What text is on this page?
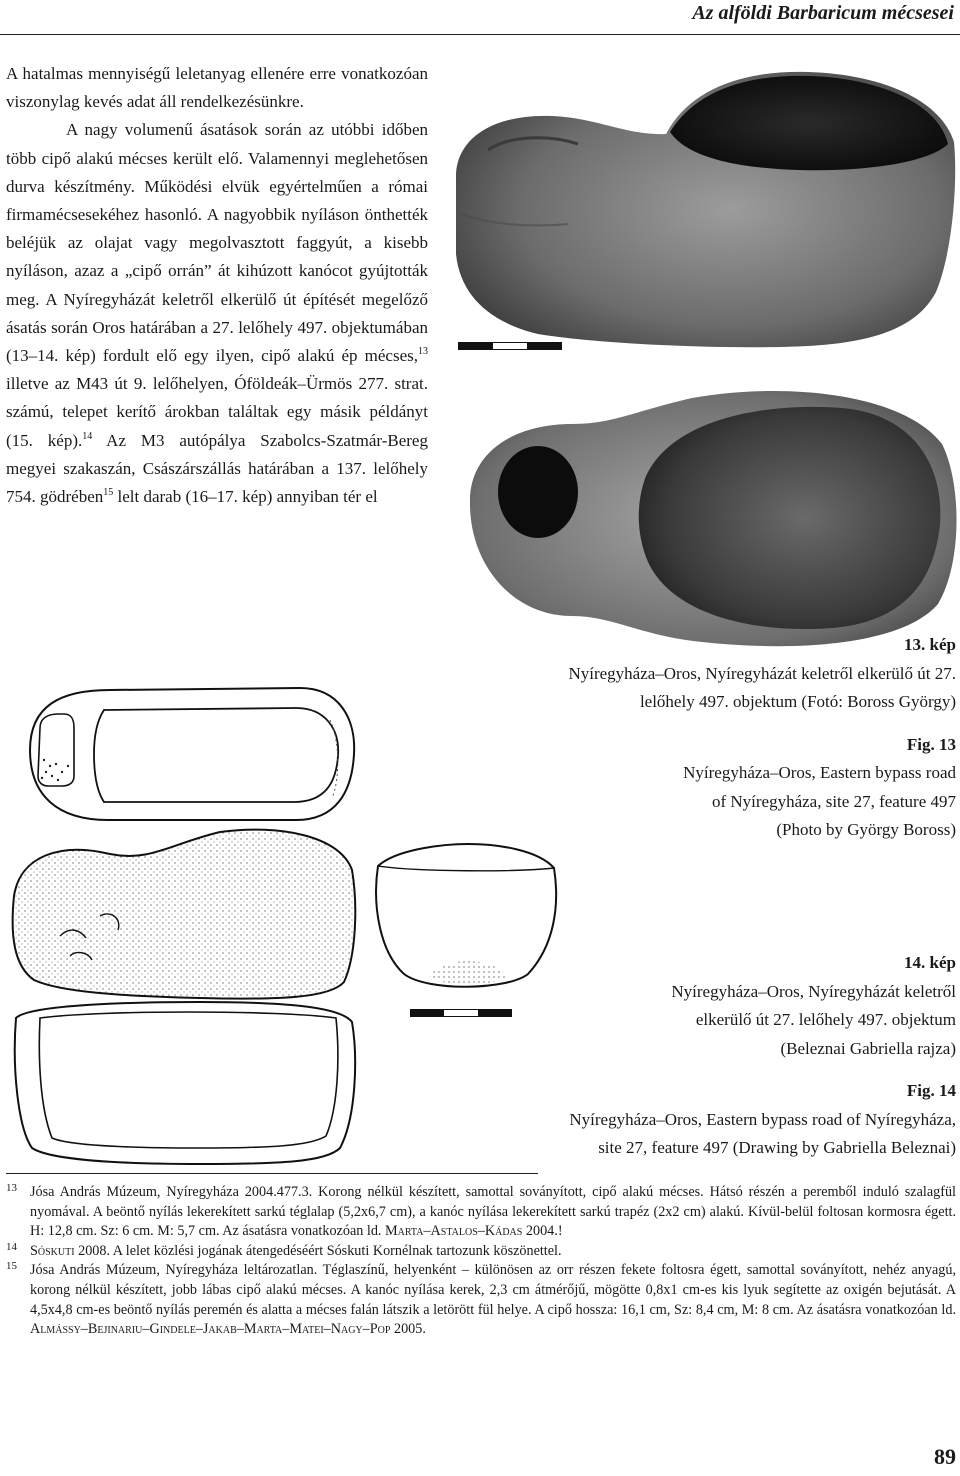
Az alföldi Barbaricum mécsesei

A hatalmas mennyiségű leletanyag ellenére erre vonatkozóan viszonylag kevés adat áll rendelkezésünkre.

A nagy volumenű ásatások során az utóbbi időben több cipő alakú mécses került elő. Valamennyi meglehetősen durva készítmény. Működési elvük egyértelműen a római firmamécsesekéhez hasonló. A nagyobbik nyíláson önthették beléjük az olajat vagy megolvasztott faggyút, a kisebb nyíláson, azaz a „cipő orrán” át kihúzott kanócot gyújtották meg. A Nyíregyházát keletről elkerülő út építését megelőző ásatás során Oros határában a 27. lelőhely 497. objektumában (13–14. kép) fordult elő egy ilyen, cipő alakú ép mécses,$^{13}$ illetve az M43 út 9. lelőhelyen, Óföldeák–Ürmös 277. strat. számú, telepet kerítő árokban találtak egy másik példányt (15. kép).$^{14}$ Az M3 autópálya Szabolcs-Szatmár-Bereg megyei szakaszán, Császárszállás határában a 137. lelőhely 754. gödrében$^{15}$ lelt darab (16–17. kép) annyiban tér el

13. kép
Nyíregyháza–Oros, Nyíregyházát keletről elkerülő út 27.
lelőhely 497. objektum (Fotó: Boross György)
Fig. 13
Nyíregyháza–Oros, Eastern bypass road
of Nyíregyháza, site 27, feature 497
(Photo by György Boross)
14. kép
Nyíregyháza–Oros, Nyíregyházát keletről
elkerülő út 27. lelőhely 497. objektum
(Beleznai Gabriella rajza)
Fig. 14
Nyíregyháza–Oros, Eastern bypass road of Nyíregyháza,
site 27, feature 497 (Drawing by Gabriella Beleznai)
13 Jósa András Múzeum, Nyíregyháza 2004.477.3. Korong nélkül készített, samottal soványított, cipő alakú mécses. Hátsó részén a peremből induló szalagfül nyomával. A beöntő nyílás lekerekített sarkú téglalap (5,2x6,7 cm), a kanóc nyílása lekerekített sarkú trapéz (2x2 cm) alakú. Kívül-belül foltosan kormosra égett. H: 12,8 cm. Sz: 6 cm. M: 5,7 cm. Az ásatásra vonatkozóan ld. Marta–Astalos–Kádas 2004.!
14 Sóskuti 2008. A lelet közlési jogának átengedéséért Sóskuti Kornélnak tartozunk köszönettel.
15 Jósa András Múzeum, Nyíregyháza leltározatlan. Téglaszínű, helyenként – különösen az orr részen fekete foltosra égett, samottal soványított, nehéz anyagú, korong nélkül készített, jobb lábas cipő alakú mécses. A kanóc nyílása kerek, 2,3 cm átmérőjű, mögötte 0,8x1 cm-es kis lyuk segítette az oxigén bejutását. A 4,5x4,8 cm-es beöntő nyílás peremén és alatta a mécses falán látszik a letörött fül helye. A cipő hossza: 16,1 cm, Sz: 8,4 cm, M: 8 cm. Az ásatásra vonatkozóan ld. Almássy–Bejinariu–Gindele–Jakab–Marta–Matei–Nagy–Pop 2005.
89
